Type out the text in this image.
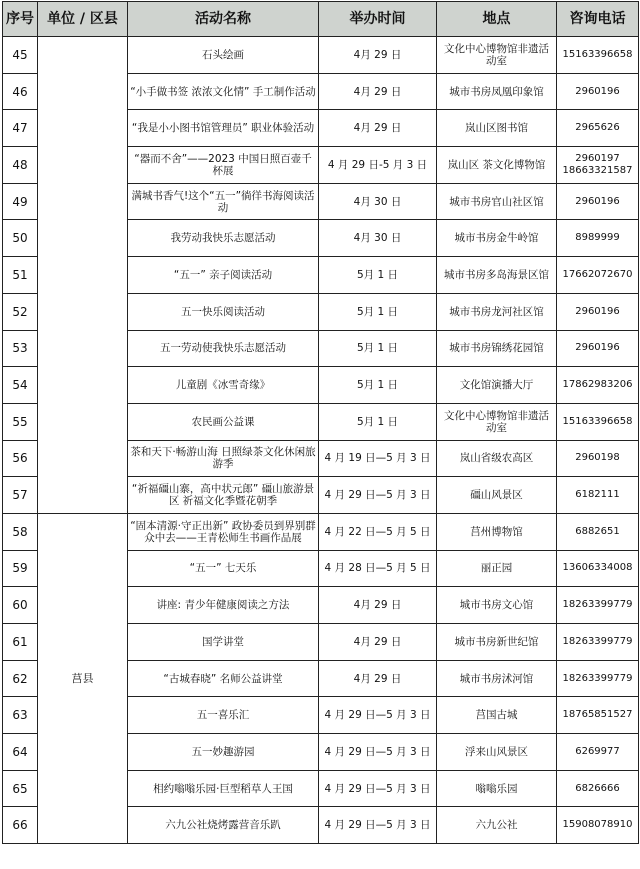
序号	单位 / 区县	活动名称	举办时间	地点	咨询电话
45		石头绘画	4月 29 日	文化中心博物馆非遗活动室	15163396658
46		“小手做书签 浓浓文化情” 手工制作活动	4月 29 日	城市书房凤凰印象馆	2960196
47		“我是小小图书馆管理员” 职业体验活动	4月 29 日	岚山区图书馆	2965626
48		“器而不舍”——2023 中国日照百壶千杯展	4 月 29 日-5 月 3 日	岚山区 茶文化博物馆	2960197 18663321587
49		满城书香气!这个“五一”徜徉书海阅读活动	4月 30 日	城市书房官山社区馆	2960196
50		我劳动我快乐志愿活动	4月 30 日	城市书房金牛岭馆	8989999
51		“五一” 亲子阅读活动	5月 1 日	城市书房多岛海景区馆	17662072670
52		五一快乐阅读活动	5月 1 日	城市书房龙河社区馆	2960196
53		五一劳动使我快乐志愿活动	5月 1 日	城市书房锦绣花园馆	2960196
54		儿童剧《冰雪奇缘》	5月 1 日	文化馆演播大厅	17862983206
55		农民画公益课	5月 1 日	文化中心博物馆非遗活动室	15163396658
56		茶和天下·畅游山海 日照绿茶文化休闲旅游季	4 月 19 日—5 月 3 日	岚山省级农高区	2960198
57		“祈福礓山寨，高中状元郎” 礓山旅游景区 祈福文化季暨花朝季	4 月 29 日—5 月 3 日	礓山风景区	6182111
58	莒县	“固本清源·守正出新” 政协委员到界别群众中去——王青松师生书画作品展	4 月 22 日—5 月 5 日	莒州博物馆	6882651
59		“五一” 七天乐	4 月 28 日—5 月 5 日	丽正园	13606334008
60		讲座: 青少年健康阅读之方法	4月 29 日	城市书房文心馆	18263399779
61		国学讲堂	4月 29 日	城市书房新世纪馆	18263399779
62		“古城春晓” 名师公益讲堂	4月 29 日	城市书房沭河馆	18263399779
63		五一喜乐汇	4 月 29 日—5 月 3 日	莒国古城	18765851527
64		五一妙趣游园	4 月 29 日—5 月 3 日	浮来山风景区	6269977
65		相约嗡嗡乐园·巨型稻草人王国	4 月 29 日—5 月 3 日	嗡嗡乐园	6826666
66		六九公社烧烤露营音乐趴	4 月 29 日—5 月 3 日	六九公社	15908078910
